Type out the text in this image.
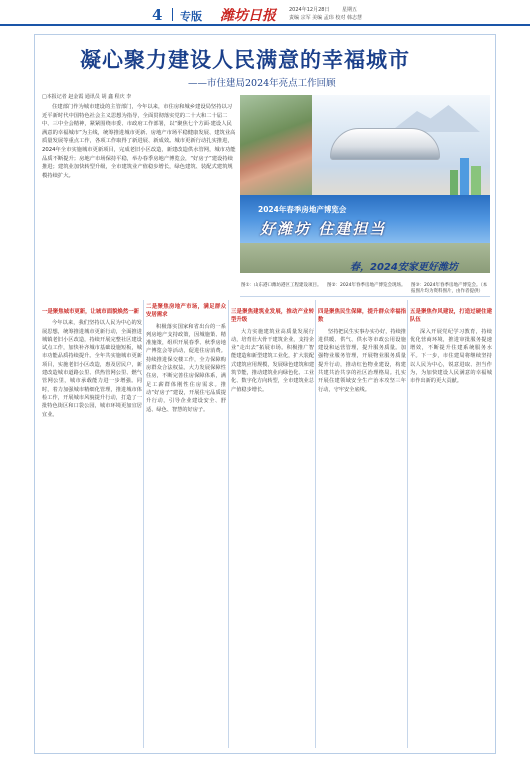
4 专版 潍坊日报	2024年12月28日	星期五
责编 宗军 美编 孟玮 校对 韩志慧
凝心聚力建设人民满意的幸福城市
——市住建局2024年亮点工作回顾
□本报记者 赵金霞 通讯员 胡 鑫 程庆 李
住建部门作为城市建设的主管部门，今年以来，市住房和城乡建设局坚持以习近平新时代中国特色社会主义思想为指导，全面贯彻落实党的二十大和二十届二中、三中全会精神，紧紧围绕市委、市政府工作部署，以“聚焦七个方面·建设人民满意的幸福城市”为主线，统筹推进城市更新、房地产市场平稳健康发展、建筑业高质量发展等重点工作，各项工作取得了新进展、新成效。城市更新行动扎实推进，2024年全市实施城市更新项目，完成老旧小区改造，新建改造供水管网，城市功能品质不断提升；房地产市场保持平稳，举办春季房地产博览会，“好房子”建设持续推进；建筑业加快转型升级，全市建筑业产值稳步增长，绿色建筑、装配式建筑规模持续扩大。
2024年春季房地产博览会
好潍坊 住建担当
春，2024安家更好潍坊
图①：山东港口潍坊港区工程建设项目。	图②：2024年春季房地产博览会现场。	图③：2024年春季房地产博览会。（本报图片均为资料图片，由作者提供）
一是聚焦城市更新，让城市面貌焕然一新
今年以来，我们坚持以人民为中心的发展思想，统筹推进城市更新行动，全面推进城镇老旧小区改造，持续开展完整社区建设试点工作，加快补齐城市基础设施短板，城市功能品质持续提升。全年共实施城市更新项目，实施老旧小区改造，惠及居民户，新建改造城市道路公里、供热管网公里、燃气管网公里，城市承载能力进一步增强。同时，着力加强城市精细化管理，推进城市体检工作，开展城市风貌提升行动，打造了一批特色街区和口袋公园，城市环境更加宜居宜业。
二是聚焦房地产市场，满足群众安居需求
积极落实国家和省出台的一系列房地产支持政策，因城施策、精准施策，组织开展春季、秋季房地产博览会等活动，促进住房消费。持续推进保交楼工作，全力保障购房群众合法权益。大力发展保障性住房，不断完善住房保障体系，满足工薪群体刚性住房需求。推动“好房子”建设，开展住宅品质提升行动，引导企业建设安全、舒适、绿色、智慧的好房子。
三是聚焦建筑业发展，推动产业转型升级
大力实施建筑业高质量发展行动，培育壮大骨干建筑企业，支持企业“走出去”拓展市场。积极推广智能建造和新型建筑工业化，扩大装配式建筑应用规模，发展绿色建筑和建筑节能，推动建筑业向绿色化、工业化、数字化方向转型，全市建筑业总产值稳步增长。
四是聚焦民生保障，提升群众幸福指数
坚持把民生实事办实办好，持续推进供暖、供气、供水等市政公用设施建设和运营管理，提升服务质量。加强物业服务管理，开展物业服务质量提升行动，推动红色物业建设，构建共建共治共享的社区治理格局。扎实开展住建领域安全生产治本攻坚三年行动，守牢安全底线。
五是聚焦作风建设，打造过硬住建队伍
深入开展党纪学习教育，持续优化营商环境，推进审批服务提速增效，不断提升住建系统服务水平。下一步，市住建局将继续坚持以人民为中心，锐意进取、担当作为，为加快建设人民满意的幸福城市作出新的更大贡献。
